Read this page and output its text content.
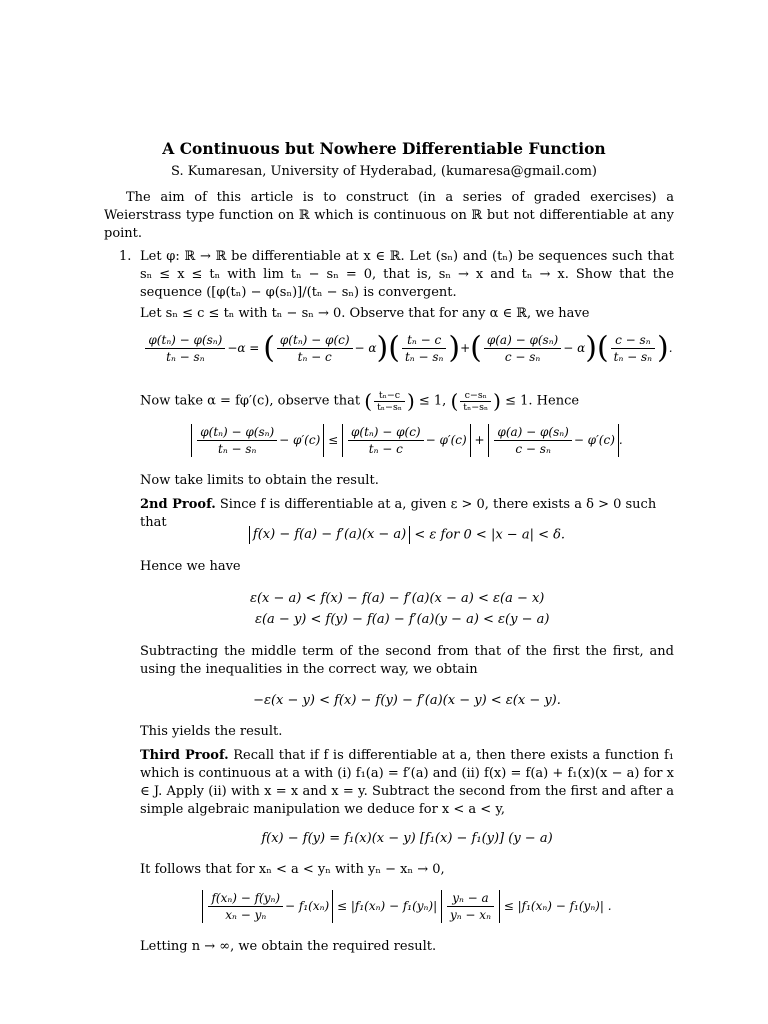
A Continuous but Nowhere Differentiable Function
S. Kumaresan, University of Hyderabad, (kumaresa@gmail.com)

The aim of this article is to construct (in a series of graded exercises) a Weierstrass type function on ℝ which is continuous on ℝ but not differentiable at any point.

1. Let φ: ℝ → ℝ be differentiable at x ∈ ℝ. Let (sₙ) and (tₙ) be sequences such that sₙ ≤ x ≤ tₙ with lim tₙ − sₙ = 0, that is, sₙ → x and tₙ → x. Show that the sequence ([φ(tₙ) − φ(sₙ)]/(tₙ − sₙ) is convergent.

Let sₙ ≤ c ≤ tₙ with tₙ − sₙ → 0. Observe that for any α ∈ ℝ, we have

$\frac{\text{φ(tₙ) − φ(sₙ)}}{\text{tₙ − sₙ}} -\alpha$ = ( $\frac{\text{φ(tₙ) − φ(c)}}{\text{tₙ − c}} - \alpha)( \frac{\text{tₙ − c}}{\text{tₙ − sₙ}}$ )+( $\frac{\text{φ(a) − φ(sₙ)}}{\text{c − sₙ}} - \alpha)( \frac{\text{c − sₙ}}{\text{tₙ − sₙ}}$ ).
Now take α = fφ′(c), observe that ( $\frac{\text{tₙ−c}}{\text{tₙ−sₙ}}$ ) ≤ 1, ( $\frac{\text{c−sₙ}}{\text{tₙ−sₙ}}$ ) ≤ 1. Hence
$\frac{\text{φ(tₙ) − φ(sₙ)}}{\text{tₙ − sₙ}} - \varphi'(c) \le \frac{\text{φ(tₙ) − φ(c)}}{\text{tₙ − c}} - \varphi'(c) + \frac{\text{φ(a) − φ(sₙ)}}{\text{c − sₙ}} - \varphi'(c)$ .

Now take limits to obtain the result.

2nd Proof. Since f is differentiable at a, given ε > 0, there exists a δ > 0 such that

f(x) − f(a) − f′(a)(x − a) < ε for 0 < |x − a| < δ.

Hence we have

ε(x − a) < f(x) − f(a) − f′(a)(x − a) < ε(a − x)
ε(a − y) < f(y) − f(a) − f′(a)(y − a) < ε(y − a)

Subtracting the middle term of the second from that of the first the first, and using the inequalities in the correct way, we obtain

−ε(x − y) < f(x) − f(y) − f′(a)(x − y) < ε(x − y).

This yields the result.

Third Proof. Recall that if f is differentiable at a, then there exists a function f₁ which is continuous at a with (i) f₁(a) = f′(a) and (ii) f(x) = f(a) + f₁(x)(x − a) for x ∈ J. Apply (ii) with x = x and x = y. Subtract the second from the first and after a simple algebraic manipulation we deduce for x < a < y,

f(x) − f(y) = f₁(x)(x − y) [f₁(x) − f₁(y)] (y − a)

It follows that for xₙ < a < yₙ with yₙ − xₙ → 0,

$\frac{\text{f(xₙ) − f(yₙ)}}{\text{xₙ − yₙ}} - f_1(x_n) \le |f_1(x_n) - f_1(y_n)| \frac{\text{yₙ − a}}{\text{yₙ − xₙ}} \le |f_1(x_n) - f_1(y_n)|$ .

Letting n → ∞, we obtain the required result.
